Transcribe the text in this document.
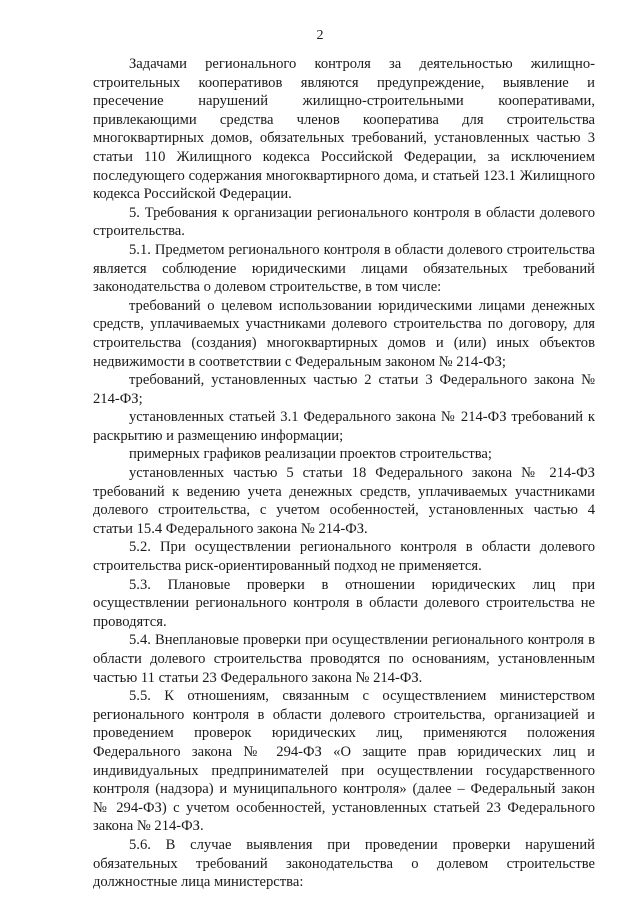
2

Задачами регионального контроля за деятельностью жилищно-строительных кооперативов являются предупреждение, выявление и пресечение нарушений жилищно-строительными кооперативами, привлекающими средства членов кооператива для строительства многоквартирных домов, обязательных требований, установленных частью 3 статьи 110 Жилищного кодекса Российской Федерации, за исключением последующего содержания многоквартирного дома, и статьей 123.1 Жилищного кодекса Российской Федерации.

5. Требования к организации регионального контроля в области долевого строительства.

5.1. Предметом регионального контроля в области долевого строительства является соблюдение юридическими лицами обязательных требований законодательства о долевом строительстве, в том числе:

требований о целевом использовании юридическими лицами денежных средств, уплачиваемых участниками долевого строительства по договору, для строительства (создания) многоквартирных домов и (или) иных объектов недвижимости в соответствии с Федеральным законом № 214-ФЗ;

требований, установленных частью 2 статьи 3 Федерального закона № 214-ФЗ;

установленных статьей 3.1 Федерального закона № 214-ФЗ требований к раскрытию и размещению информации;

примерных графиков реализации проектов строительства;

установленных частью 5 статьи 18 Федерального закона № 214-ФЗ требований к ведению учета денежных средств, уплачиваемых участниками долевого строительства, с учетом особенностей, установленных частью 4 статьи 15.4 Федерального закона № 214-ФЗ.

5.2. При осуществлении регионального контроля в области долевого строительства риск-ориентированный подход не применяется.

5.3. Плановые проверки в отношении юридических лиц при осуществлении регионального контроля в области долевого строительства не проводятся.

5.4. Внеплановые проверки при осуществлении регионального контроля в области долевого строительства проводятся по основаниям, установленным частью 11 статьи 23 Федерального закона № 214-ФЗ.

5.5. К отношениям, связанным с осуществлением министерством регионального контроля в области долевого строительства, организацией и проведением проверок юридических лиц, применяются положения Федерального закона № 294-ФЗ «О защите прав юридических лиц и индивидуальных предпринимателей при осуществлении государственного контроля (надзора) и муниципального контроля» (далее – Федеральный закон № 294-ФЗ) с учетом особенностей, установленных статьей 23 Федерального закона № 214-ФЗ.

5.6. В случае выявления при проведении проверки нарушений обязательных требований законодательства о долевом строительстве должностные лица министерства:
